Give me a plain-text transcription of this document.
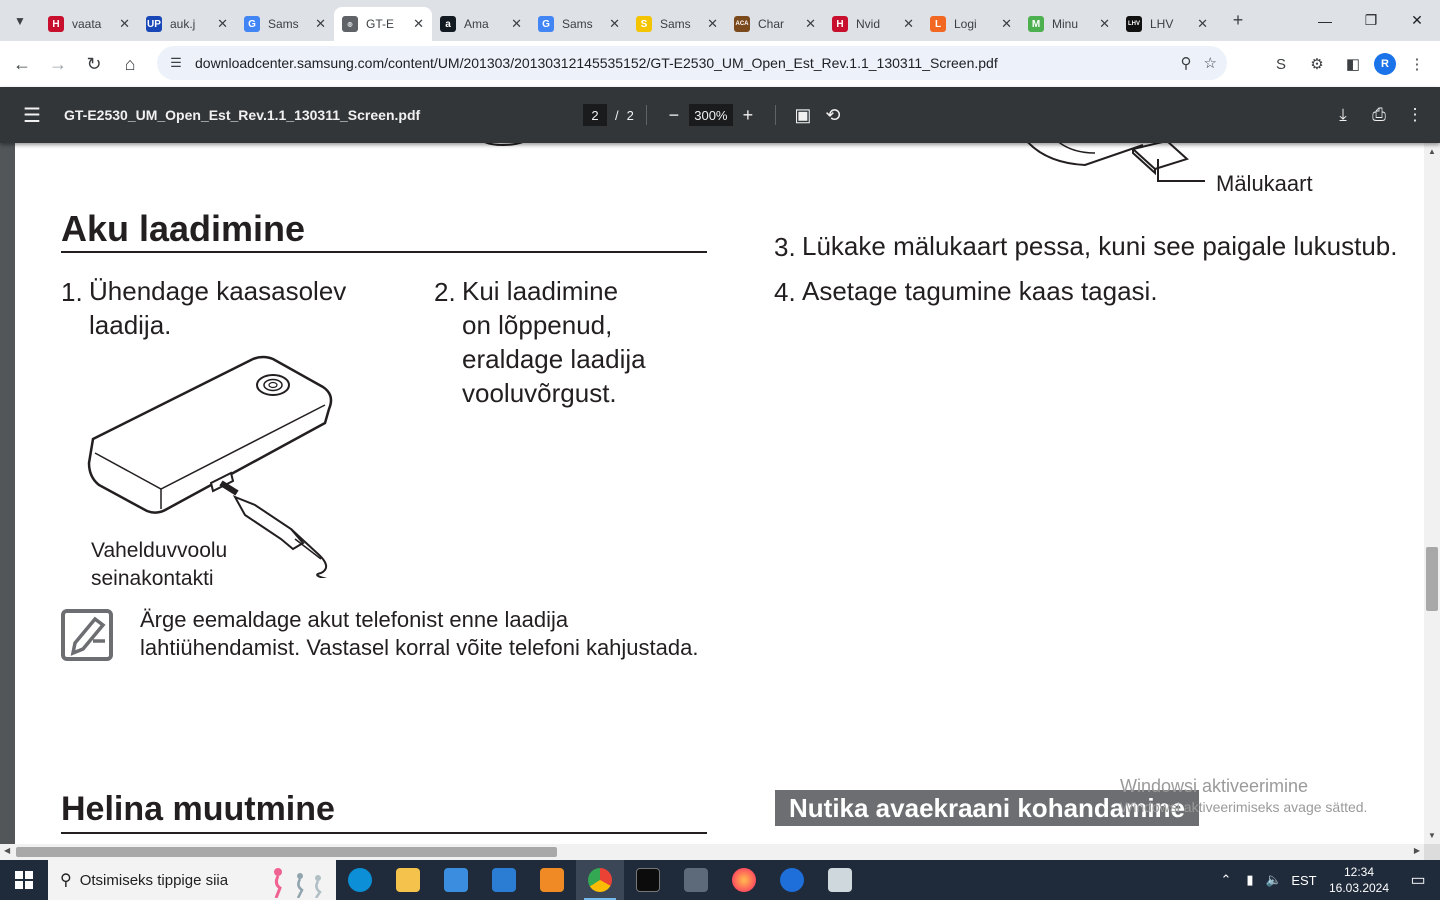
▼	H	vaata	✕ UP auk.j	✕	G	Sams	✕	◎	GT-E	✕	a	Ama	✕	G	Sams	✕	S	Sams	✕	ACA Char	✕	H	Nvid	✕	L	Logi	✕	M Minu	✕	LHV LHV	✕ +	—	❐	✕
← → ↻ ⌂	☰ downloadcenter.samsung.com/content/UM/201303/20130312145535152/GT-E2530_UM_Open_Est_Rev.1.1_130311_Screen.pdf	⚲ ☆	S	⚙	◧	R	⋮
☰ GT-E2530_UM_Open_Est_Rev.1.1_130311_Screen.pdf	2	/ 2	−	300% +	▣ ⟲	⤓	⎙ ⋮
Mälukaart
Aku laadimine
1. Ühendage kaasasolev
laadija.
2. Kui laadimine
on lõppenud,
eraldage laadija
vooluvõrgust.
3. Lükake mälukaart pessa, kuni see paigale lukustub.
4. Asetage tagumine kaas tagasi.
Vahelduvvoolu
seinakontakti
Ärge eemaldage akut telefonist enne laadija
lahtiühendamist. Vastasel korral võite telefoni kahjustada.
Helina muutmine	Nutika avaekraani kohandamine
Windowsi aktiveerimine
Windowsi aktiveerimiseks avage sätted.
▲
▼
◀	▶
⚲ Otsimiseks tippige siia	⌃	▮ 🔈 EST
12:34
16.03.2024	▭
